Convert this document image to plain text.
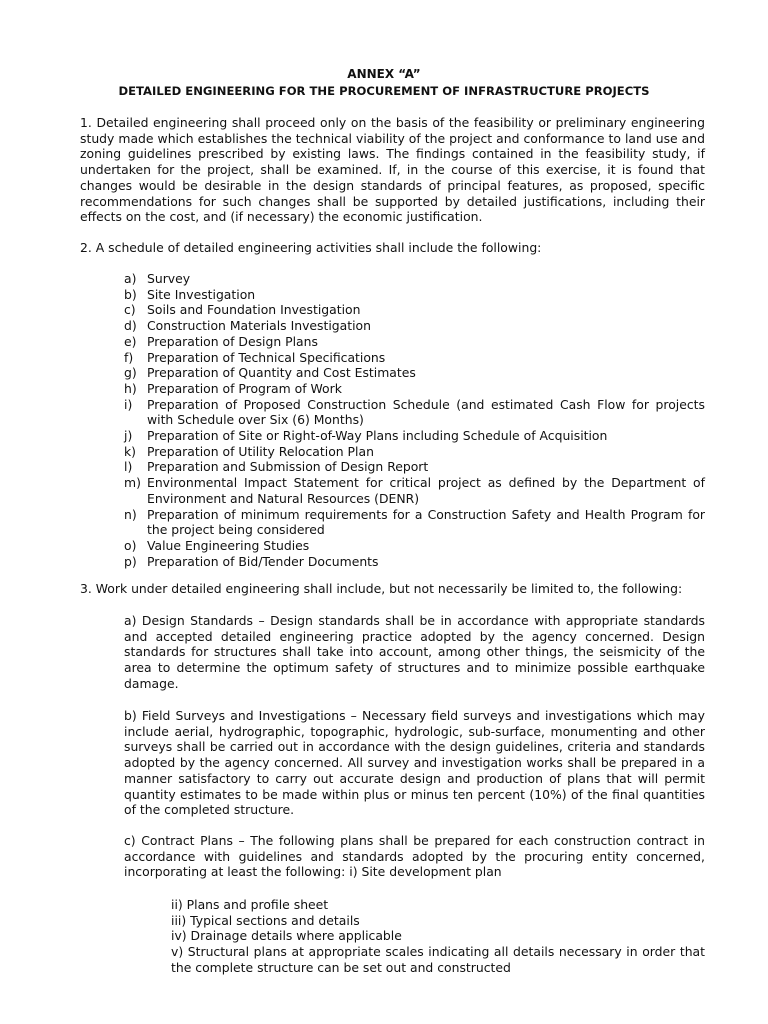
ANNEX “A”
DETAILED ENGINEERING FOR THE PROCUREMENT OF INFRASTRUCTURE PROJECTS

1. Detailed engineering shall proceed only on the basis of the feasibility or preliminary engineering study made which establishes the technical viability of the project and conformance to land use and zoning guidelines prescribed by existing laws. The findings contained in the feasibility study, if undertaken for the project, shall be examined. If, in the course of this exercise, it is found that changes would be desirable in the design standards of principal features, as proposed, specific recommendations for such changes shall be supported by detailed justifications, including their effects on the cost, and (if necessary) the economic justification.

2. A schedule of detailed engineering activities shall include the following:

a) Survey
b) Site Investigation
c) Soils and Foundation Investigation
d) Construction Materials Investigation
e) Preparation of Design Plans
f)	Preparation of Technical Specifications
g) Preparation of Quantity and Cost Estimates
h) Preparation of Program of Work
i)	Preparation of Proposed Construction Schedule (and estimated Cash Flow for projects with Schedule over Six (6) Months)
j)	Preparation of Site or Right-of-Way Plans including Schedule of Acquisition
k) Preparation of Utility Relocation Plan
l)	Preparation and Submission of Design Report
m) Environmental Impact Statement for critical project as defined by the Department of Environment and Natural Resources (DENR)
n) Preparation of minimum requirements for a Construction Safety and Health Program for the project being considered
o) Value Engineering Studies
p) Preparation of Bid/Tender Documents

3. Work under detailed engineering shall include, but not necessarily be limited to, the following:

a) Design Standards – Design standards shall be in accordance with appropriate standards and accepted detailed engineering practice adopted by the agency concerned. Design standards for structures shall take into account, among other things, the seismicity of the area to determine the optimum safety of structures and to minimize possible earthquake damage.

b) Field Surveys and Investigations – Necessary field surveys and investigations which may include aerial, hydrographic, topographic, hydrologic, sub-surface, monumenting and other surveys shall be carried out in accordance with the design guidelines, criteria and standards adopted by the agency concerned. All survey and investigation works shall be prepared in a manner satisfactory to carry out accurate design and production of plans that will permit quantity estimates to be made within plus or minus ten percent (10%) of the final quantities of the completed structure.

c) Contract Plans – The following plans shall be prepared for each construction contract in accordance with guidelines and standards adopted by the procuring entity concerned, incorporating at least the following: i) Site development plan

ii) Plans and profile sheet
iii) Typical sections and details
iv) Drainage details where applicable
v) Structural plans at appropriate scales indicating all details necessary in order that the complete structure can be set out and constructed
